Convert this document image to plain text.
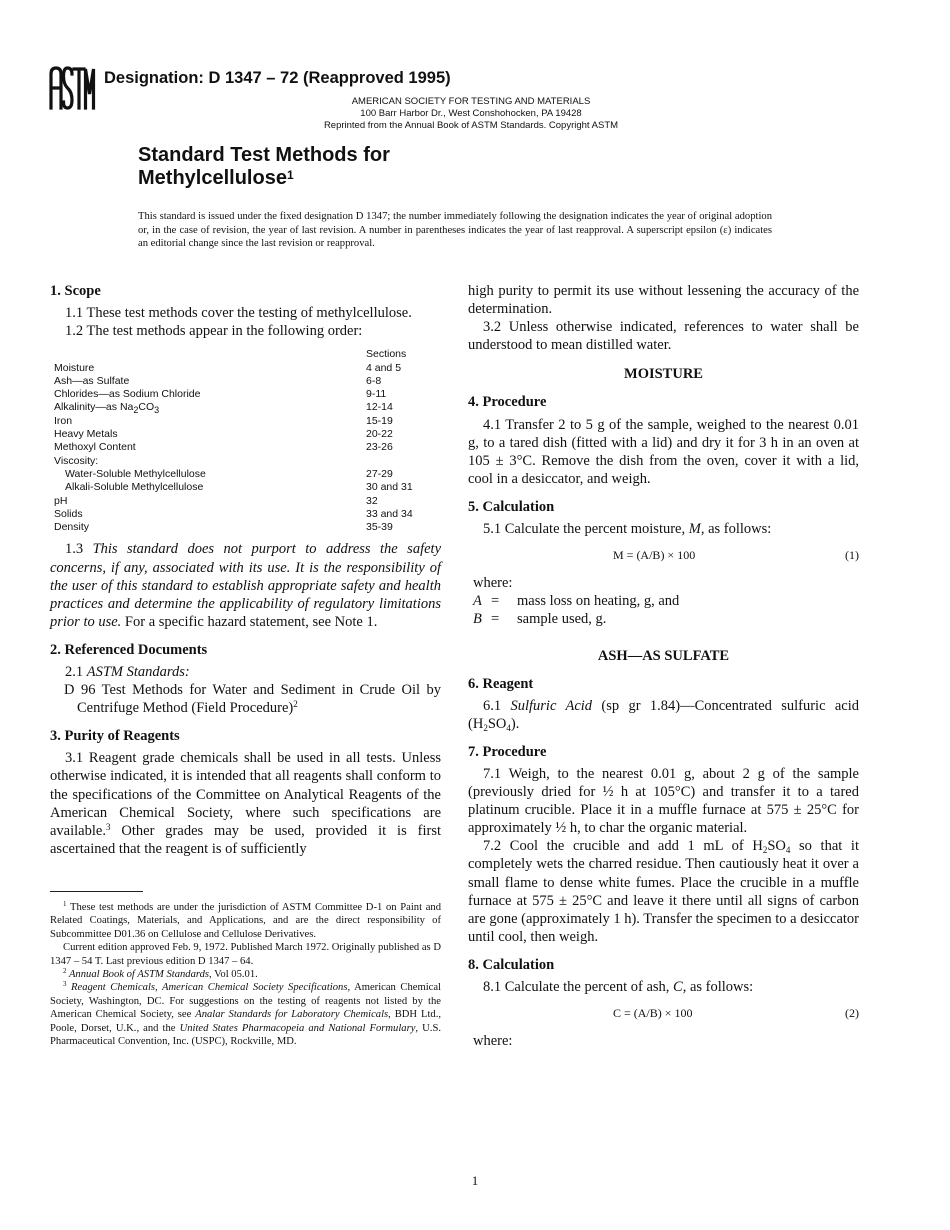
Designation: D 1347 – 72 (Reapproved 1995)
AMERICAN SOCIETY FOR TESTING AND MATERIALS
100 Barr Harbor Dr., West Conshohocken, PA 19428
Reprinted from the Annual Book of ASTM Standards. Copyright ASTM
Standard Test Methods for
Methylcellulose$^1$
This standard is issued under the fixed designation D 1347; the number immediately following the designation indicates the year of original adoption or, in the case of revision, the year of last revision. A number in parentheses indicates the year of last reapproval. A superscript epsilon (ε) indicates an editorial change since the last revision or reapproval.
1. Scope

1.1 These test methods cover the testing of methylcellulose.

1.2 The test methods appear in the following order:

Sections
Moisture	4 and 5
Ash—as Sulfate	6-8
Chlorides—as Sodium Chloride	9-11
Alkalinity—as $Na_2CO_3$	12-14
Iron	15-19
Heavy Metals	20-22
Methoxyl Content	23-26
Viscosity:
Water-Soluble Methylcellulose	27-29
Alkali-Soluble Methylcellulose	30 and 31
pH	32
Solids	33 and 34
Density	35-39

1.3 This standard does not purport to address the safety concerns, if any, associated with its use. It is the responsibility of the user of this standard to establish appropriate safety and health practices and determine the applicability of regulatory limitations prior to use. For a specific hazard statement, see Note 1.

2. Referenced Documents

2.1 ASTM Standards:

D 96 Test Methods for Water and Sediment in Crude Oil by Centrifuge Method (Field Procedure)$^2$

3. Purity of Reagents

3.1 Reagent grade chemicals shall be used in all tests. Unless otherwise indicated, it is intended that all reagents shall conform to the specifications of the Committee on Analytical Reagents of the American Chemical Society, where such specifications are available.$^3$ Other grades may be used, provided it is first ascertained that the reagent is of sufficiently

high purity to permit its use without lessening the accuracy of the determination.

3.2 Unless otherwise indicated, references to water shall be understood to mean distilled water.

MOISTURE
4. Procedure

4.1 Transfer 2 to 5 g of the sample, weighed to the nearest 0.01 g, to a tared dish (fitted with a lid) and dry it for 3 h in an oven at 105 ± 3°C. Remove the dish from the oven, cover it with a lid, cool in a desiccator, and weigh.

5. Calculation

5.1 Calculate the percent moisture, M, as follows:

M = (A/B) × 100	(1)
where:
A =	mass loss on heating, g, and
B =	sample used, g.
ASH—AS SULFATE
6. Reagent

6.1 Sulfuric Acid (sp gr 1.84)—Concentrated sulfuric acid $(H_2SO_4)$.

7. Procedure

7.1 Weigh, to the nearest 0.01 g, about 2 g of the sample (previously dried for ½ h at 105°C) and transfer it to a tared platinum crucible. Place it in a muffle furnace at 575 ± 25°C for approximately ½ h, to char the organic material.

7.2 Cool the crucible and add 1 mL of $H_2SO_4$ so that it completely wets the charred residue. Then cautiously heat it over a small flame to dense white fumes. Place the crucible in a muffle furnace at 575 ± 25°C and leave it there until all signs of carbon are gone (approximately 1 h). Transfer the specimen to a desiccator until cool, then weigh.

8. Calculation

8.1 Calculate the percent of ash, C, as follows:

C = (A/B) × 100	(2)
where:

$^1$ These test methods are under the jurisdiction of ASTM Committee D-1 on Paint and Related Coatings, Materials, and Applications, and are the direct responsibility of Subcommittee D01.36 on Cellulose and Cellulose Derivatives.

Current edition approved Feb. 9, 1972. Published March 1972. Originally published as D 1347 – 54 T. Last previous edition D 1347 – 64.

$^2$ Annual Book of ASTM Standards, Vol 05.01.

$^3$ Reagent Chemicals, American Chemical Society Specifications, American Chemical Society, Washington, DC. For suggestions on the testing of reagents not listed by the American Chemical Society, see Analar Standards for Laboratory Chemicals, BDH Ltd., Poole, Dorset, U.K., and the United States Pharmacopeia and National Formulary, U.S. Pharmaceutical Convention, Inc. (USPC), Rockville, MD.

1
